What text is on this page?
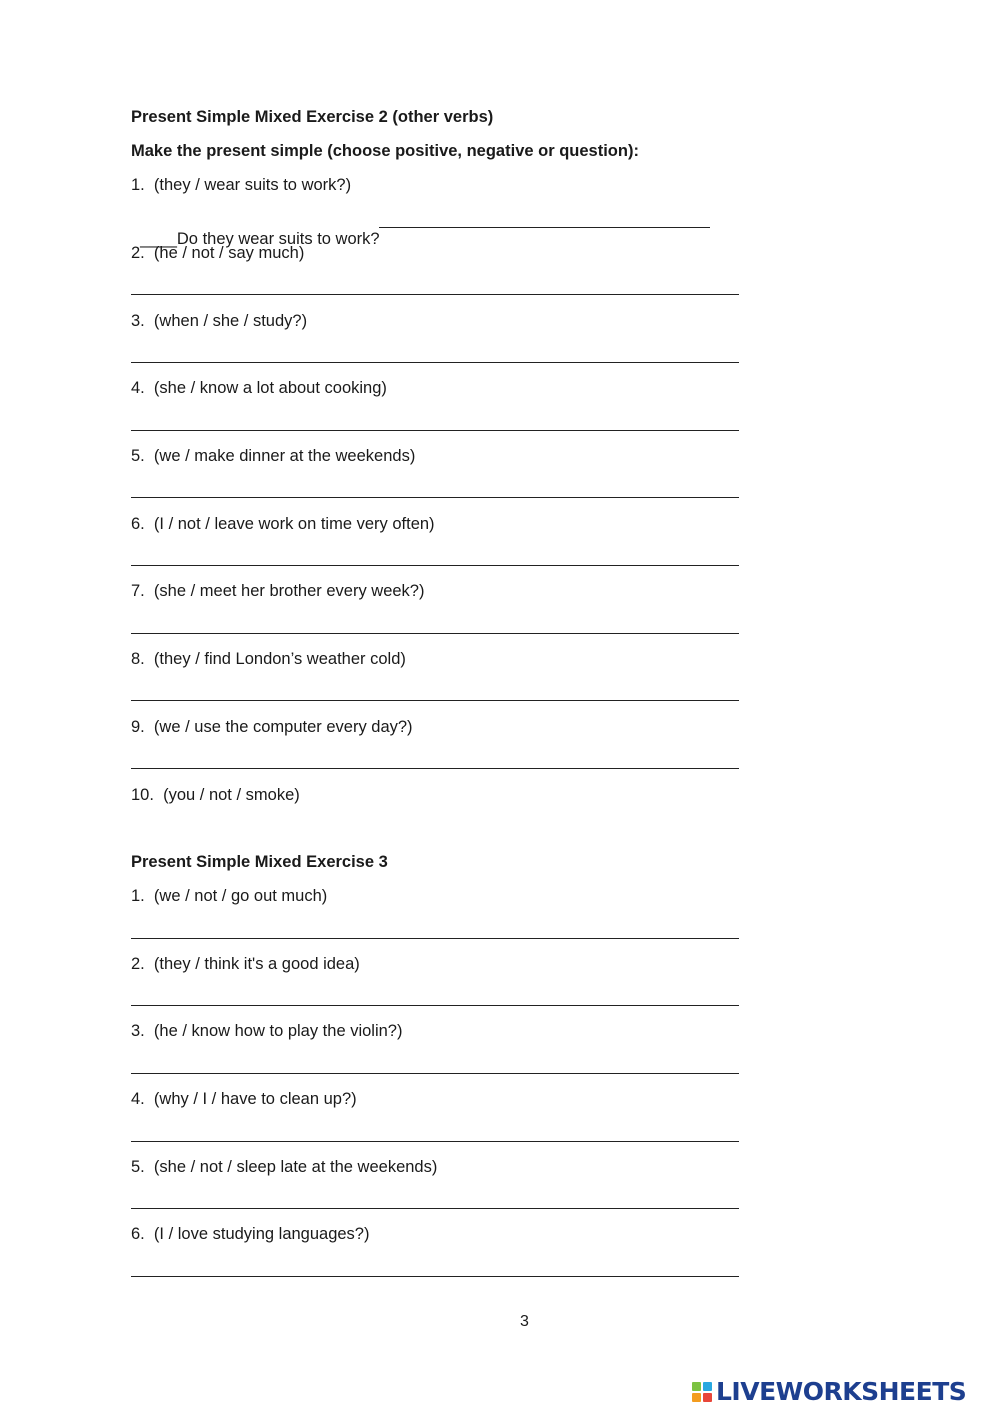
Present Simple Mixed Exercise 2 (other verbs)
Make the present simple (choose positive, negative or question):
1.  (they / wear suits to work?)

____Do they wear suits to work?

2.  (he / not / say much)
3.  (when / she / study?)
4.  (she / know a lot about cooking)
5.  (we / make dinner at the weekends)
6.  (I / not / leave work on time very often)
7.  (she / meet her brother every week?)
8.  (they / find London’s weather cold)
9.  (we / use the computer every day?)
10.  (you / not / smoke)
Present Simple Mixed Exercise 3
1.  (we / not / go out much)
2.  (they / think it's a good idea)
3.  (he / know how to play the violin?)
4.  (why / I / have to clean up?)
5.  (she / not / sleep late at the weekends)
6.  (I / love studying languages?)
3
LIVEWORKSHEETS
